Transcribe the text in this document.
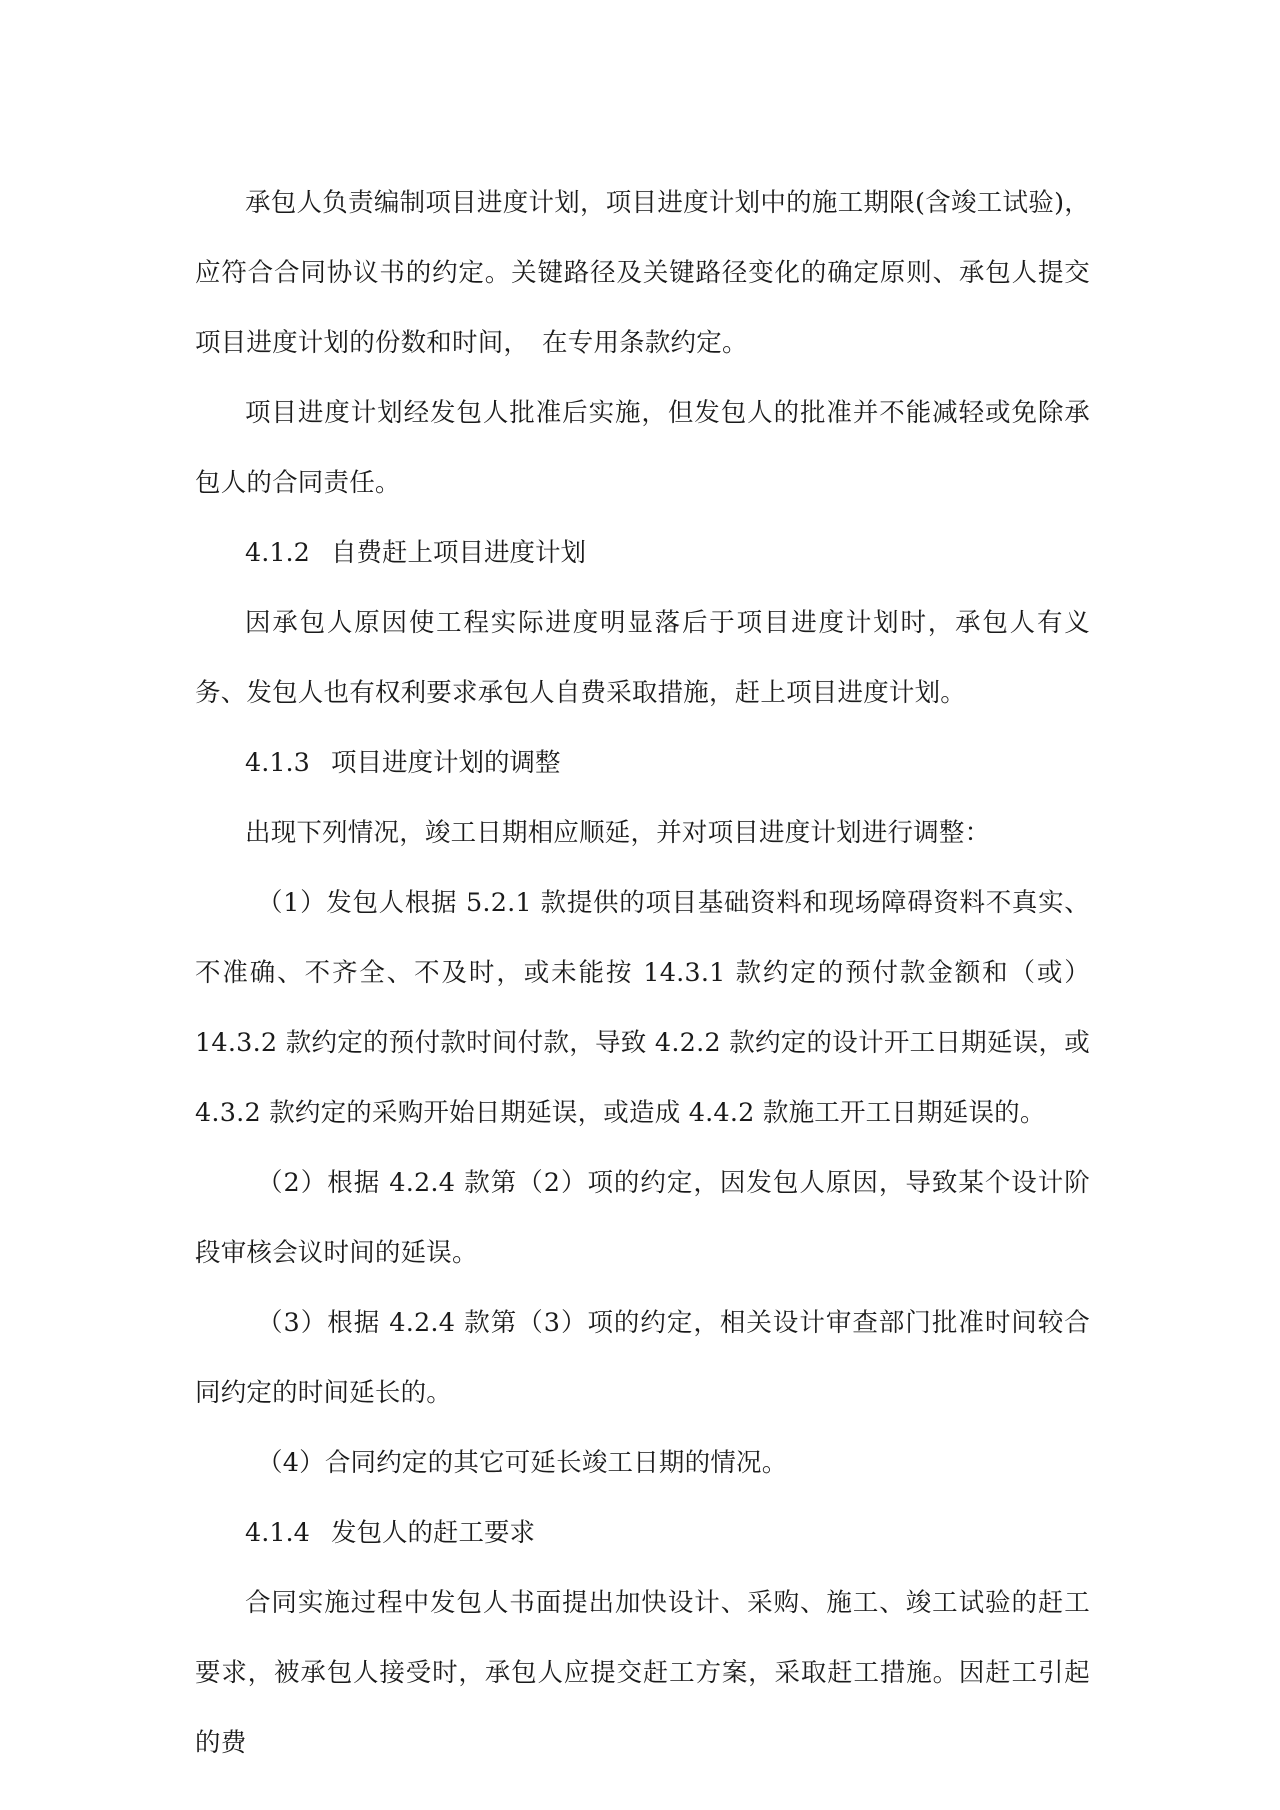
承包人负责编制项目进度计划，项目进度计划中的施工期限(含竣工试验)，应符合合同协议书的约定。关键路径及关键路径变化的确定原则、承包人提交项目进度计划的份数和时间，　在专用条款约定。

项目进度计划经发包人批准后实施，但发包人的批准并不能减轻或免除承包人的合同责任。

4.1.2 自费赶上项目进度计划

因承包人原因使工程实际进度明显落后于项目进度计划时，承包人有义务、发包人也有权利要求承包人自费采取措施，赶上项目进度计划。

4.1.3 项目进度计划的调整

出现下列情况，竣工日期相应顺延，并对项目进度计划进行调整：

（1）发包人根据 5.2.1 款提供的项目基础资料和现场障碍资料不真实、不准确、不齐全、不及时，或未能按 14.3.1 款约定的预付款金额和（或）14.3.2 款约定的预付款时间付款，导致 4.2.2 款约定的设计开工日期延误，或 4.3.2 款约定的采购开始日期延误，或造成 4.4.2 款施工开工日期延误的。

（2）根据 4.2.4 款第（2）项的约定，因发包人原因，导致某个设计阶段审核会议时间的延误。

（3）根据 4.2.4 款第（3）项的约定，相关设计审查部门批准时间较合同约定的时间延长的。

（4）合同约定的其它可延长竣工日期的情况。

4.1.4 发包人的赶工要求

合同实施过程中发包人书面提出加快设计、采购、施工、竣工试验的赶工要求，被承包人接受时，承包人应提交赶工方案，采取赶工措施。因赶工引起的费
